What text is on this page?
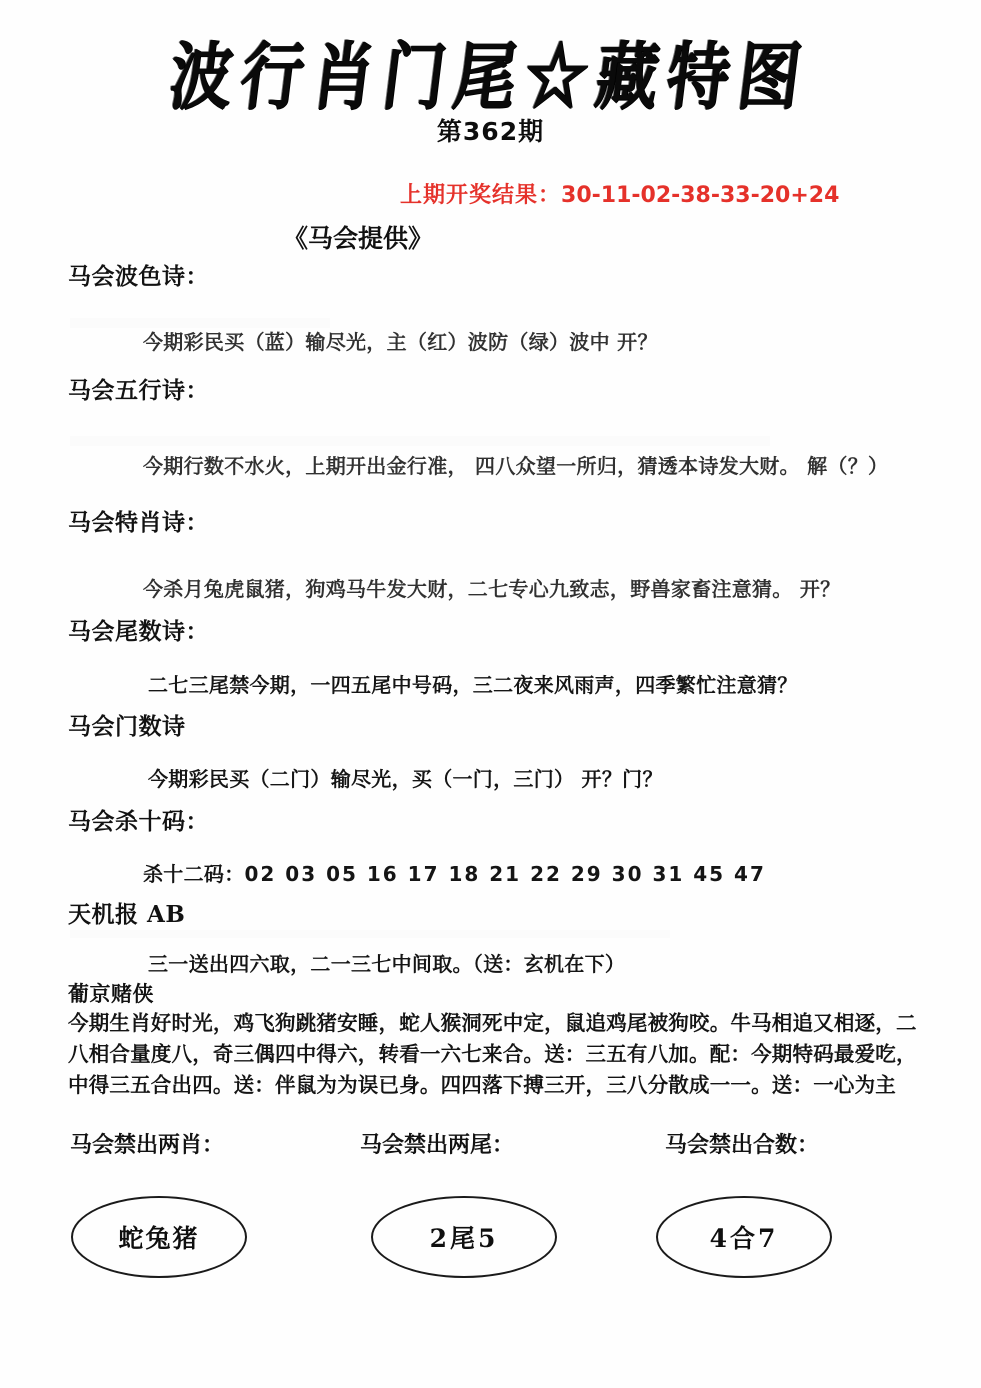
波行肖门尾☆藏特图
第362期
上期开奖结果：30-11-02-38-33-20+24
《马会提供》
马会波色诗：
今期彩民买（蓝）输尽光，主（红）波防（绿）波中 开？
马会五行诗：
今期行数不水火，上期开出金行准， 四八众望一所归，猜透本诗发大财。 解（？）
马会特肖诗：
今杀月兔虎鼠猪，狗鸡马牛发大财，二七专心九致志，野兽家畜注意猜。 开？
马会尾数诗：
二七三尾禁今期，一四五尾中号码，三二夜来风雨声，四季繁忙注意猜？
马会门数诗
今期彩民买（二门）输尽光，买（一门，三门） 开？门？
马会杀十码：
杀十二码：02 03 05 16 17 18 21 22 29 30 31 45 47
天机报 AB
三一送出四六取，二一三七中间取。（送：玄机在下）
葡京赌侠
今期生肖好时光，鸡飞狗跳猪安睡，蛇人猴洞死中定，鼠追鸡尾被狗咬。牛马相追又相逐，二
八相合量度八，奇三偶四中得六，转看一六七来合。送：三五有八加。配：今期特码最爱吃，
中得三五合出四。送：伴鼠为为误已身。四四落下搏三开，三八分散成一一。送：一心为主
马会禁出两肖：	马会禁出两尾：	马会禁出合数：
蛇兔猪	2尾5	4合7
